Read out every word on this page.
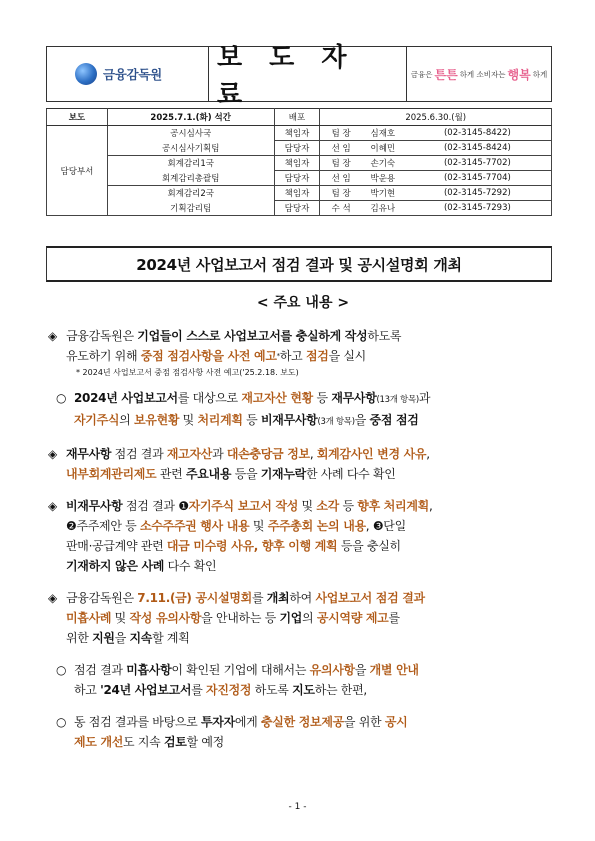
금융감독원
보 도 자 료
금융은 튼튼 하게 소비자는 행복 하게
보도	2025.7.1.(화) 석간	배포	2025.6.30.(월)		
담당부서	공시심사국	책임자	팀 장	심재호	(02-3145-8422)
	공시심사기획팀	담당자	선 임	이혜민	(02-3145-8424)
	회계감리1국	책임자	팀 장	손기숙	(02-3145-7702)
	회계감리총괄팀	담당자	선 임	박운용	(02-3145-7704)
	회계감리2국	책임자	팀 장	박기현	(02-3145-7292)
	기획감리팀	담당자	수 석	김유나	(02-3145-7293)
2024년 사업보고서 점검 결과 및 공시설명회 개최
< 주요 내용 >
◈ 금융감독원은 기업들이 스스로 사업보고서를 충실하게 작성하도록
유도하기 위해 중점 점검사항을 사전 예고*하고 점검을 실시
* 2024년 사업보고서 중점 점검사항 사전 예고('25.2.18. 보도)
○ 2024년 사업보고서를 대상으로 재고자산 현황 등 재무사항(13개 항목)과
자기주식의 보유현황 및 처리계획 등 비재무사항(3개 항목)을 중점 점검
◈ 재무사항 점검 결과 재고자산과 대손충당금 정보, 회계감사인 변경 사유,
내부회계관리제도 관련 주요내용 등을 기재누락한 사례 다수 확인
◈ 비재무사항 점검 결과 ❶자기주식 보고서 작성 및 소각 등 향후 처리계획,
❷주주제안 등 소수주주권 행사 내용 및 주주총회 논의 내용, ❸단일
판매·공급계약 관련 대금 미수령 사유, 향후 이행 계획 등을 충실히
기재하지 않은 사례 다수 확인
◈ 금융감독원은 7.11.(금) 공시설명회를 개최하여 사업보고서 점검 결과
미흡사례 및 작성 유의사항을 안내하는 등 기업의 공시역량 제고를
위한 지원을 지속할 계획
○ 점검 결과 미흡사항이 확인된 기업에 대해서는 유의사항을 개별 안내
하고 '24년 사업보고서를 자진정정 하도록 지도하는 한편,
○ 동 점검 결과를 바탕으로 투자자에게 충실한 정보제공을 위한 공시
제도 개선도 지속 검토할 예정
- 1 -
